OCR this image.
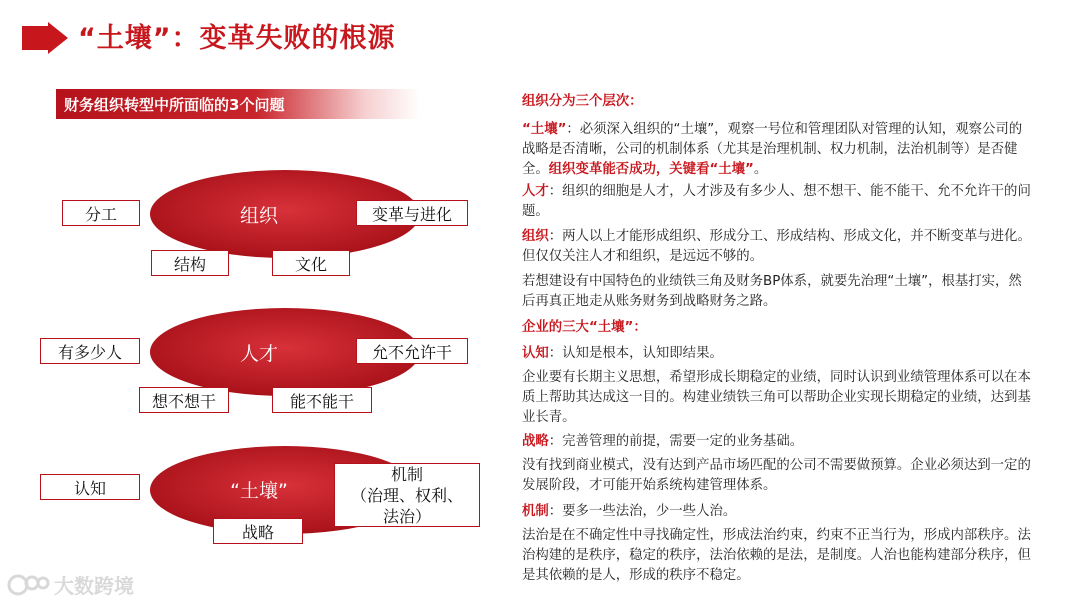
“土壤”：变革失败的根源
财务组织转型中所面临的3个问题
组织
分工	变革与进化
结构	文化
人才
有多少人	允不允许干
想不想干	能不能干
“土壤”
认知
战略
机制
（治理、权利、
法治）
组织分为三个层次：
“土壤”：必须深入组织的“土壤”，观察一号位和管理团队对管理的认知，观察公司的战略是否清晰，公司的机制体系（尤其是治理机制、权力机制，法治机制等）是否健全。组织变革能否成功，关键看“土壤”。
人才：组织的细胞是人才，人才涉及有多少人、想不想干、能不能干、允不允许干的问题。
组织：两人以上才能形成组织、形成分工、形成结构、形成文化，并不断变革与进化。但仅仅关注人才和组织，是远远不够的。
若想建设有中国特色的业绩铁三角及财务BP体系，就要先治理“土壤”，根基打实，然后再真正地走从账务财务到战略财务之路。
企业的三大“土壤”：
认知：认知是根本，认知即结果。
企业要有长期主义思想，希望形成长期稳定的业绩，同时认识到业绩管理体系可以在本质上帮助其达成这一目的。构建业绩铁三角可以帮助企业实现长期稳定的业绩，达到基业长青。
战略：完善管理的前提，需要一定的业务基础。
没有找到商业模式，没有达到产品市场匹配的公司不需要做预算。企业必须达到一定的发展阶段，才可能开始系统构建管理体系。
机制：要多一些法治，少一些人治。
法治是在不确定性中寻找确定性，形成法治约束，约束不正当行为，形成内部秩序。法治构建的是秩序，稳定的秩序，法治依赖的是法，是制度。人治也能构建部分秩序，但是其依赖的是人，形成的秩序不稳定。
大数跨境
